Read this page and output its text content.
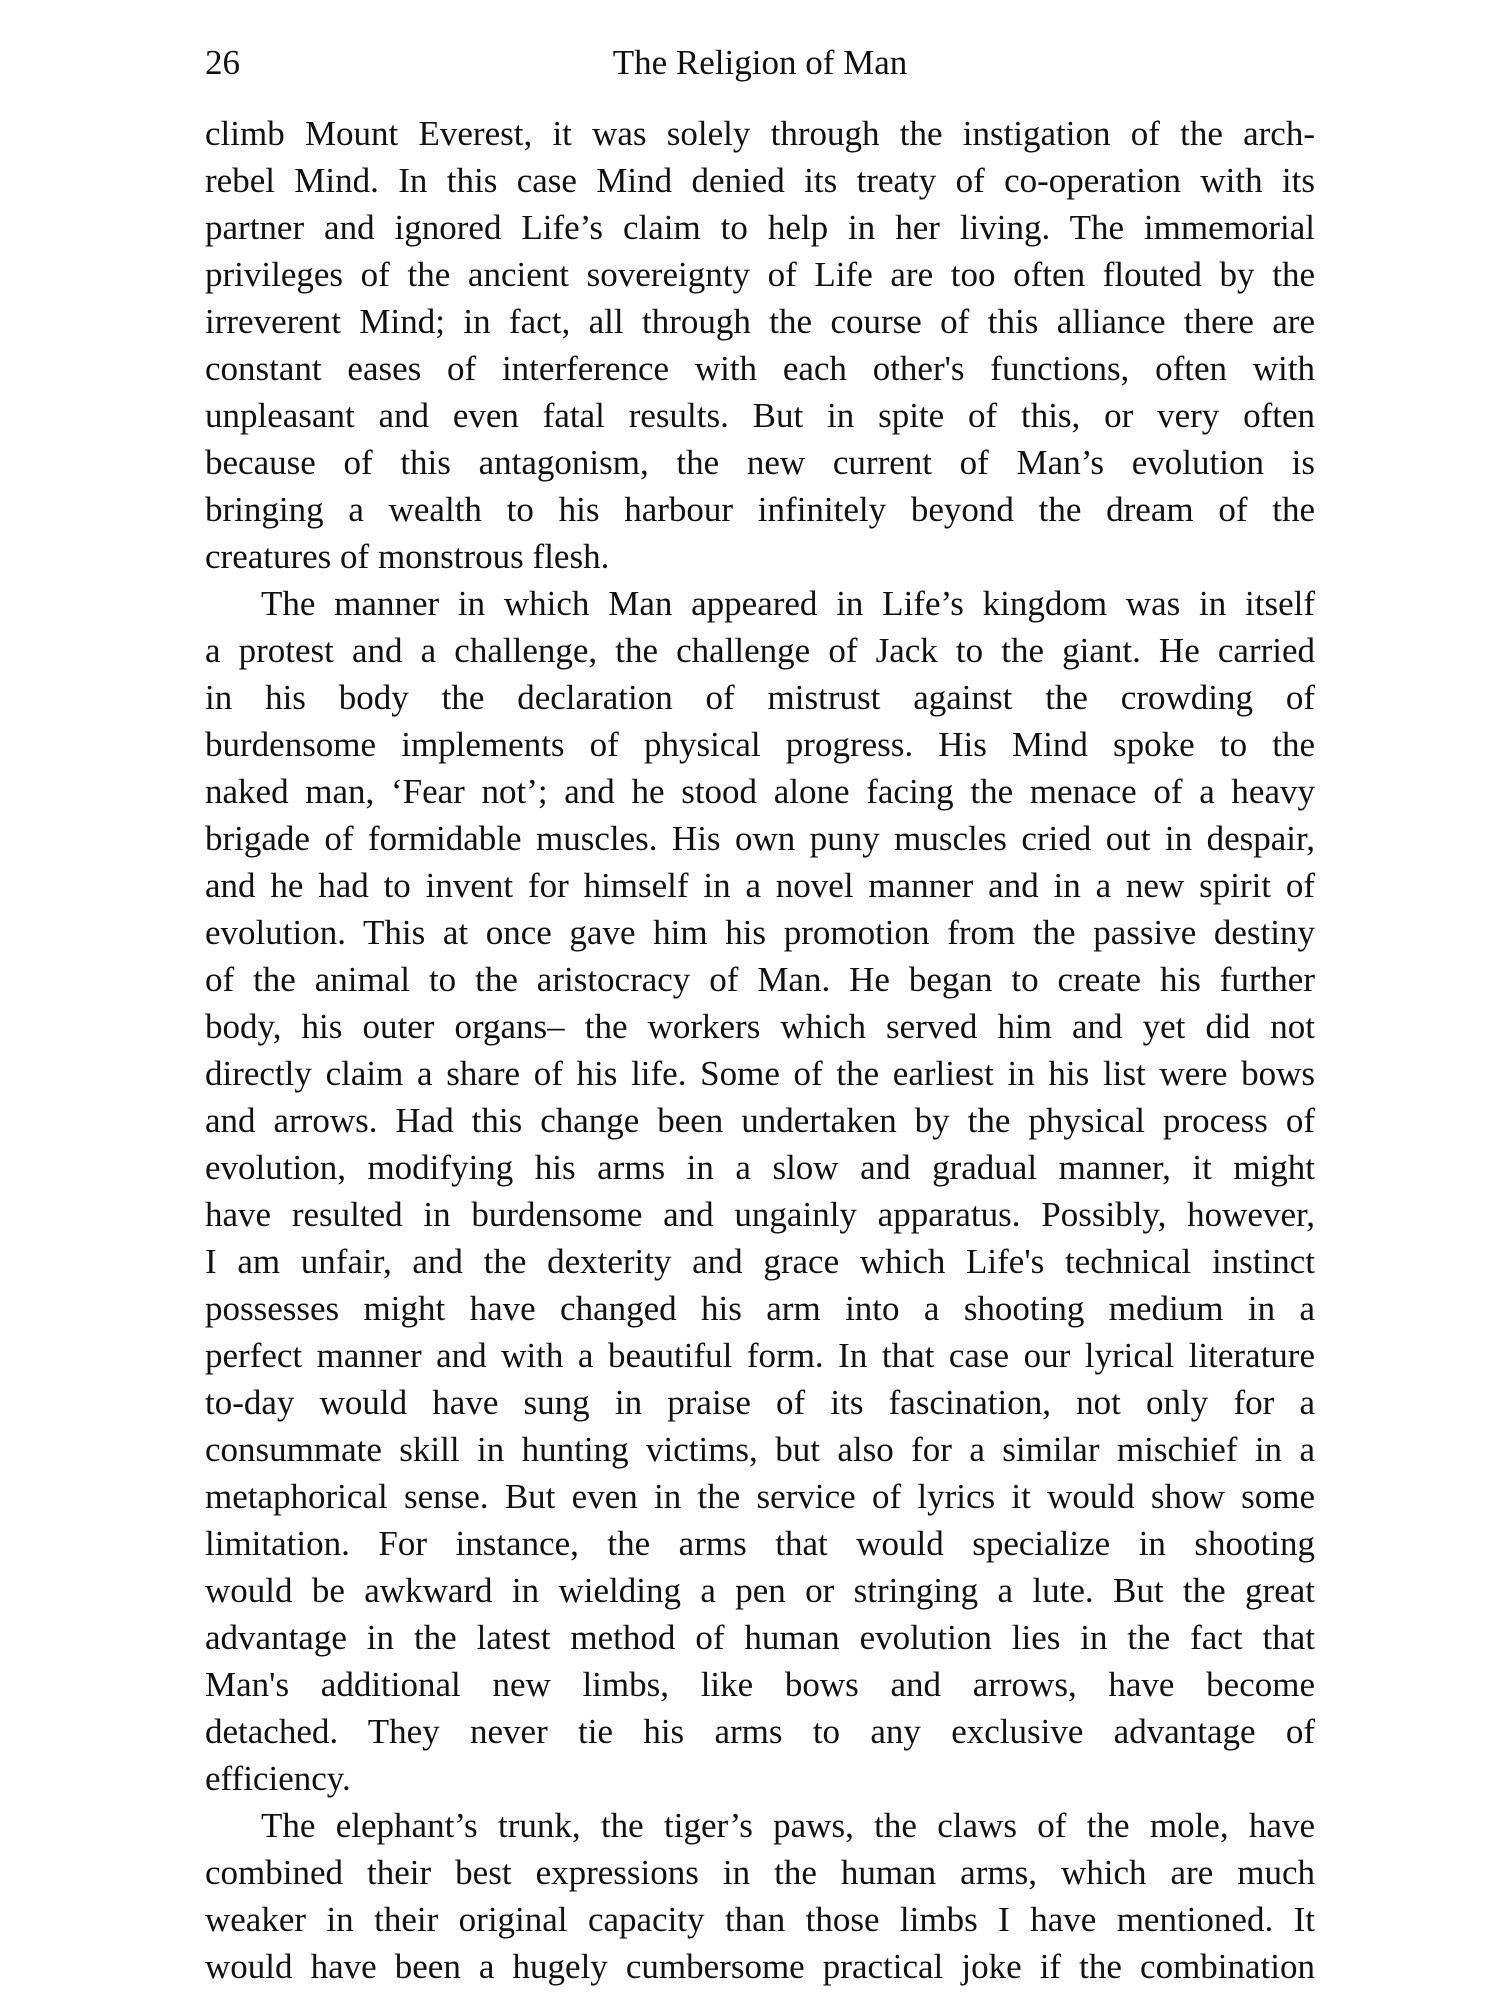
26	The Religion of Man
climb Mount Everest, it was solely through the instigation of the arch-
rebel Mind. In this case Mind denied its treaty of co-operation with its
partner and ignored Life’s claim to help in her living. The immemorial
privileges of the ancient sovereignty of Life are too often flouted by the
irreverent Mind; in fact, all through the course of this alliance there are
constant eases of interference with each other's functions, often with
unpleasant and even fatal results. But in spite of this, or very often
because of this antagonism, the new current of Man’s evolution is
bringing a wealth to his harbour infinitely beyond the dream of the
creatures of monstrous flesh.
The manner in which Man appeared in Life’s kingdom was in itself
a protest and a challenge, the challenge of Jack to the giant. He carried
in his body the declaration of mistrust against the crowding of
burdensome implements of physical progress. His Mind spoke to the
naked man, ‘Fear not’; and he stood alone facing the menace of a heavy
brigade of formidable muscles. His own puny muscles cried out in despair,
and he had to invent for himself in a novel manner and in a new spirit of
evolution. This at once gave him his promotion from the passive destiny
of the animal to the aristocracy of Man. He began to create his further
body, his outer organs– the workers which served him and yet did not
directly claim a share of his life. Some of the earliest in his list were bows
and arrows. Had this change been undertaken by the physical process of
evolution, modifying his arms in a slow and gradual manner, it might
have resulted in burdensome and ungainly apparatus. Possibly, however,
I am unfair, and the dexterity and grace which Life's technical instinct
possesses might have changed his arm into a shooting medium in a
perfect manner and with a beautiful form. In that case our lyrical literature
to-day would have sung in praise of its fascination, not only for a
consummate skill in hunting victims, but also for a similar mischief in a
metaphorical sense. But even in the service of lyrics it would show some
limitation. For instance, the arms that would specialize in shooting
would be awkward in wielding a pen or stringing a lute. But the great
advantage in the latest method of human evolution lies in the fact that
Man's additional new limbs, like bows and arrows, have become
detached. They never tie his arms to any exclusive advantage of
efficiency.
The elephant’s trunk, the tiger’s paws, the claws of the mole, have
combined their best expressions in the human arms, which are much
weaker in their original capacity than those limbs I have mentioned. It
would have been a hugely cumbersome practical joke if the combination
